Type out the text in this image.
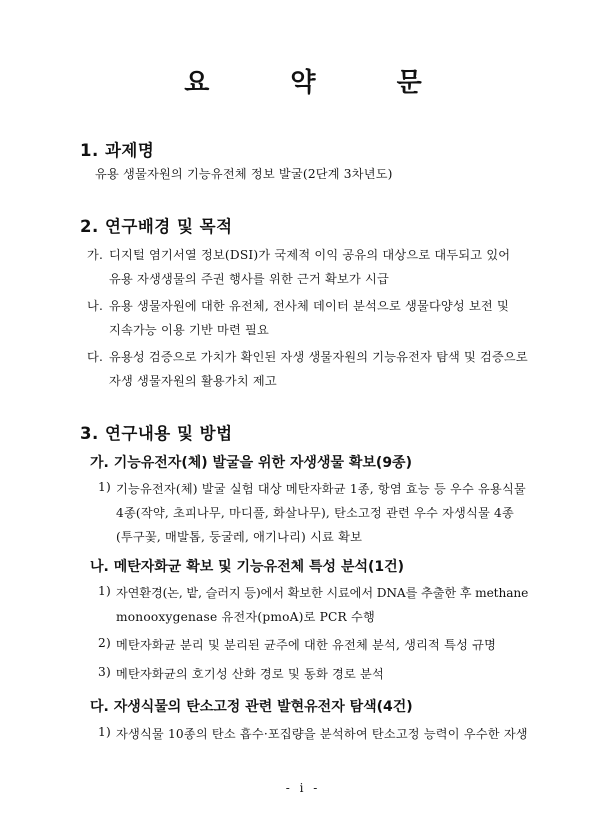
요 약 문
1. 과제명
유용 생물자원의 기능유전체 정보 발굴(2단계 3차년도)
2. 연구배경 및 목적
가. 디지털 염기서열 정보(DSI)가 국제적 이익 공유의 대상으로 대두되고 있어
유용 자생생물의 주권 행사를 위한 근거 확보가 시급
나. 유용 생물자원에 대한 유전체, 전사체 데이터 분석으로 생물다양성 보전 및
지속가능 이용 기반 마련 필요
다. 유용성 검증으로 가치가 확인된 자생 생물자원의 기능유전자 탐색 및 검증으로
자생 생물자원의 활용가치 제고
3. 연구내용 및 방법
가. 기능유전자(체) 발굴을 위한 자생생물 확보(9종)
1) 기능유전자(체) 발굴 실험 대상 메탄자화균 1종, 항염 효능 등 우수 유용식물
4종(작약, 초피나무, 마디풀, 화살나무), 탄소고정 관련 우수 자생식물 4종
(투구꽃, 매발톱, 둥굴레, 애기나리) 시료 확보
나. 메탄자화균 확보 및 기능유전체 특성 분석(1건)
1) 자연환경(논, 밭, 슬러지 등)에서 확보한 시료에서 DNA를 추출한 후 methane
monooxygenase 유전자(pmoA)로 PCR 수행
2) 메탄자화균 분리 및 분리된 균주에 대한 유전체 분석, 생리적 특성 규명
3) 메탄자화균의 호기성 산화 경로 및 동화 경로 분석
다. 자생식물의 탄소고정 관련 발현유전자 탐색(4건)
1) 자생식물 10종의 탄소 흡수·포집량을 분석하여 탄소고정 능력이 우수한 자생
- i -
